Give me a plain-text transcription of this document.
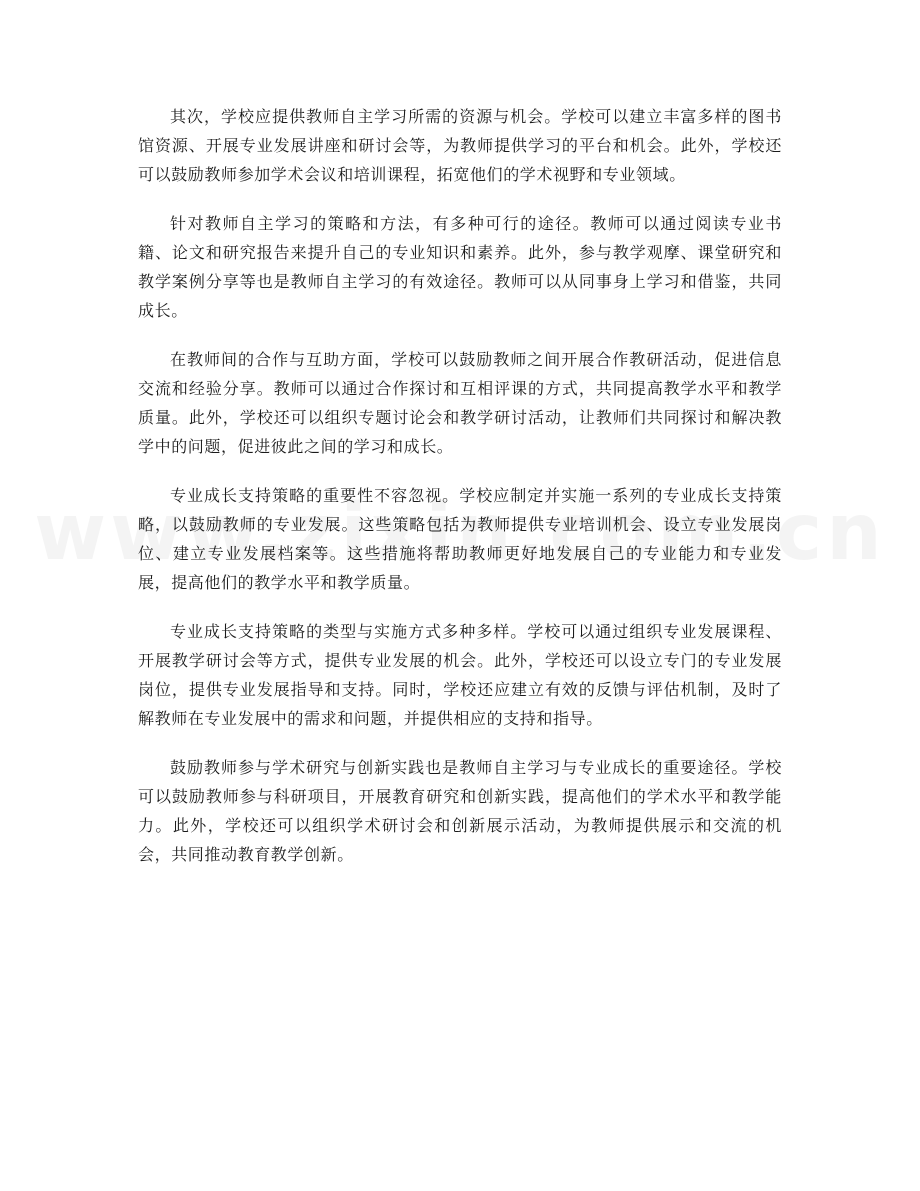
其次，学校应提供教师自主学习所需的资源与机会。学校可以建立丰富多样的图书馆资源、开展专业发展讲座和研讨会等，为教师提供学习的平台和机会。此外，学校还可以鼓励教师参加学术会议和培训课程，拓宽他们的学术视野和专业领域。

针对教师自主学习的策略和方法，有多种可行的途径。教师可以通过阅读专业书籍、论文和研究报告来提升自己的专业知识和素养。此外，参与教学观摩、课堂研究和教学案例分享等也是教师自主学习的有效途径。教师可以从同事身上学习和借鉴，共同成长。

在教师间的合作与互助方面，学校可以鼓励教师之间开展合作教研活动，促进信息交流和经验分享。教师可以通过合作探讨和互相评课的方式，共同提高教学水平和教学质量。此外，学校还可以组织专题讨论会和教学研讨活动，让教师们共同探讨和解决教学中的问题，促进彼此之间的学习和成长。

专业成长支持策略的重要性不容忽视。学校应制定并实施一系列的专业成长支持策略，以鼓励教师的专业发展。这些策略包括为教师提供专业培训机会、设立专业发展岗位、建立专业发展档案等。这些措施将帮助教师更好地发展自己的专业能力和专业发展，提高他们的教学水平和教学质量。

专业成长支持策略的类型与实施方式多种多样。学校可以通过组织专业发展课程、开展教学研讨会等方式，提供专业发展的机会。此外，学校还可以设立专门的专业发展岗位，提供专业发展指导和支持。同时，学校还应建立有效的反馈与评估机制，及时了解教师在专业发展中的需求和问题，并提供相应的支持和指导。

鼓励教师参与学术研究与创新实践也是教师自主学习与专业成长的重要途径。学校可以鼓励教师参与科研项目，开展教育研究和创新实践，提高他们的学术水平和教学能力。此外，学校还可以组织学术研讨会和创新展示活动，为教师提供展示和交流的机会，共同推动教育教学创新。
